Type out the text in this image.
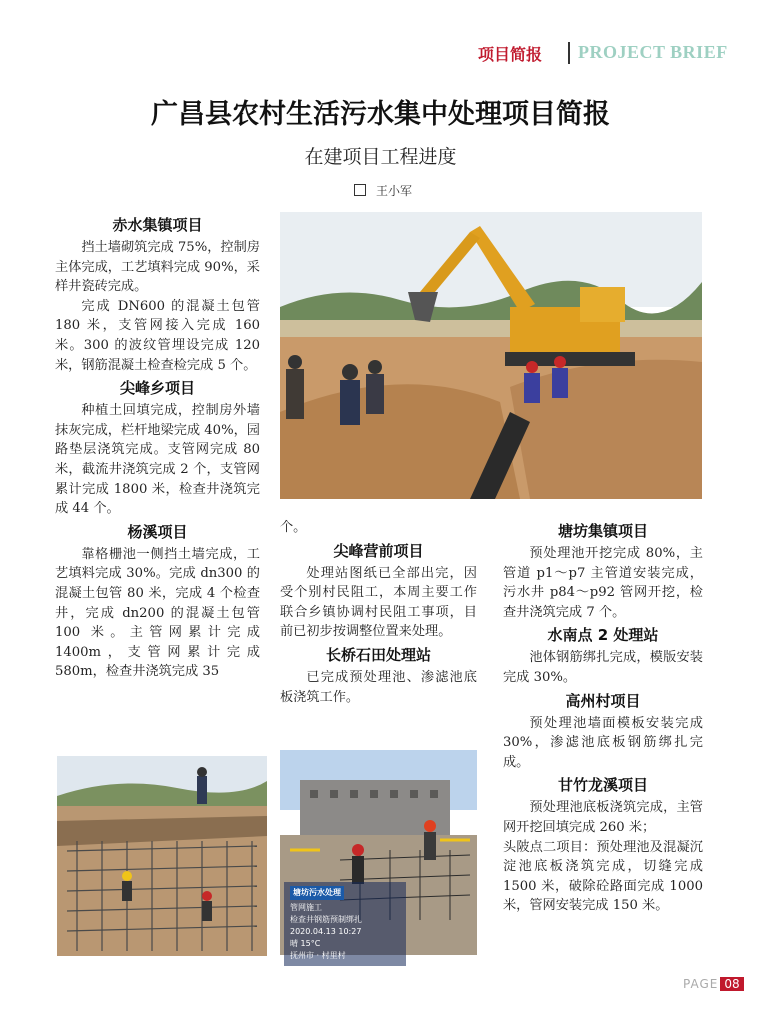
项目简报 PROJECT BRIEF
广昌县农村生活污水集中处理项目简报
在建项目工程进度
王小军
赤水集镇项目

挡土墙砌筑完成 75%，控制房主体完成，工艺填料完成 90%，采样井瓷砖完成。

完成 DN600 的混凝土包管 180 米，支管网接入完成 160 米。300 的波纹管埋设完成 120 米，钢筋混凝土检查检完成 5 个。

尖峰乡项目

种植土回填完成，控制房外墙抹灰完成，栏杆地梁完成 40%，园路垫层浇筑完成。支管网完成 80 米，截流井浇筑完成 2 个，支管网累计完成 1800 米，检查井浇筑完成 44 个。

杨溪项目

靠格栅池一侧挡土墙完成，工艺填料完成 30%。完成 dn300 的混凝土包管 80 米，完成 4 个检查井，完成 dn200 的混凝土包管 100 米。主管网累计完成 1400m，支管网累计完成 580m，检查井浇筑完成 35

个。
尖峰营前项目

处理站图纸已全部出完，因受个别村民阻工，本周主要工作联合乡镇协调村民阻工事项，目前已初步按调整位置来处理。

长桥石田处理站

已完成预处理池、渗滤池底板浇筑工作。

塘坊集镇项目

预处理池开挖完成 80%，主管道 p1～p7 主管道安装完成，污水井 p84～p92 管网开挖，检查井浇筑完成 7 个。

水南点 2 处理站

池体钢筋绑扎完成，模版安装完成 30%。

高州村项目

预处理池墙面模板安装完成 30%，渗滤池底板钢筋绑扎完成。

甘竹龙溪项目

预处理池底板浇筑完成，主管网开挖回填完成 260 米；

头陂点二项目：预处理池及混凝沉淀池底板浇筑完成，切缝完成 1500 米，破除砼路面完成 1000 米，管网安装完成 150 米。

塘坊污水处理
管网施工
检查井钢筋预制绑扎
2020.04.13 10:27
晴 15°C
抚州市 · 村里村
PAGE 08
